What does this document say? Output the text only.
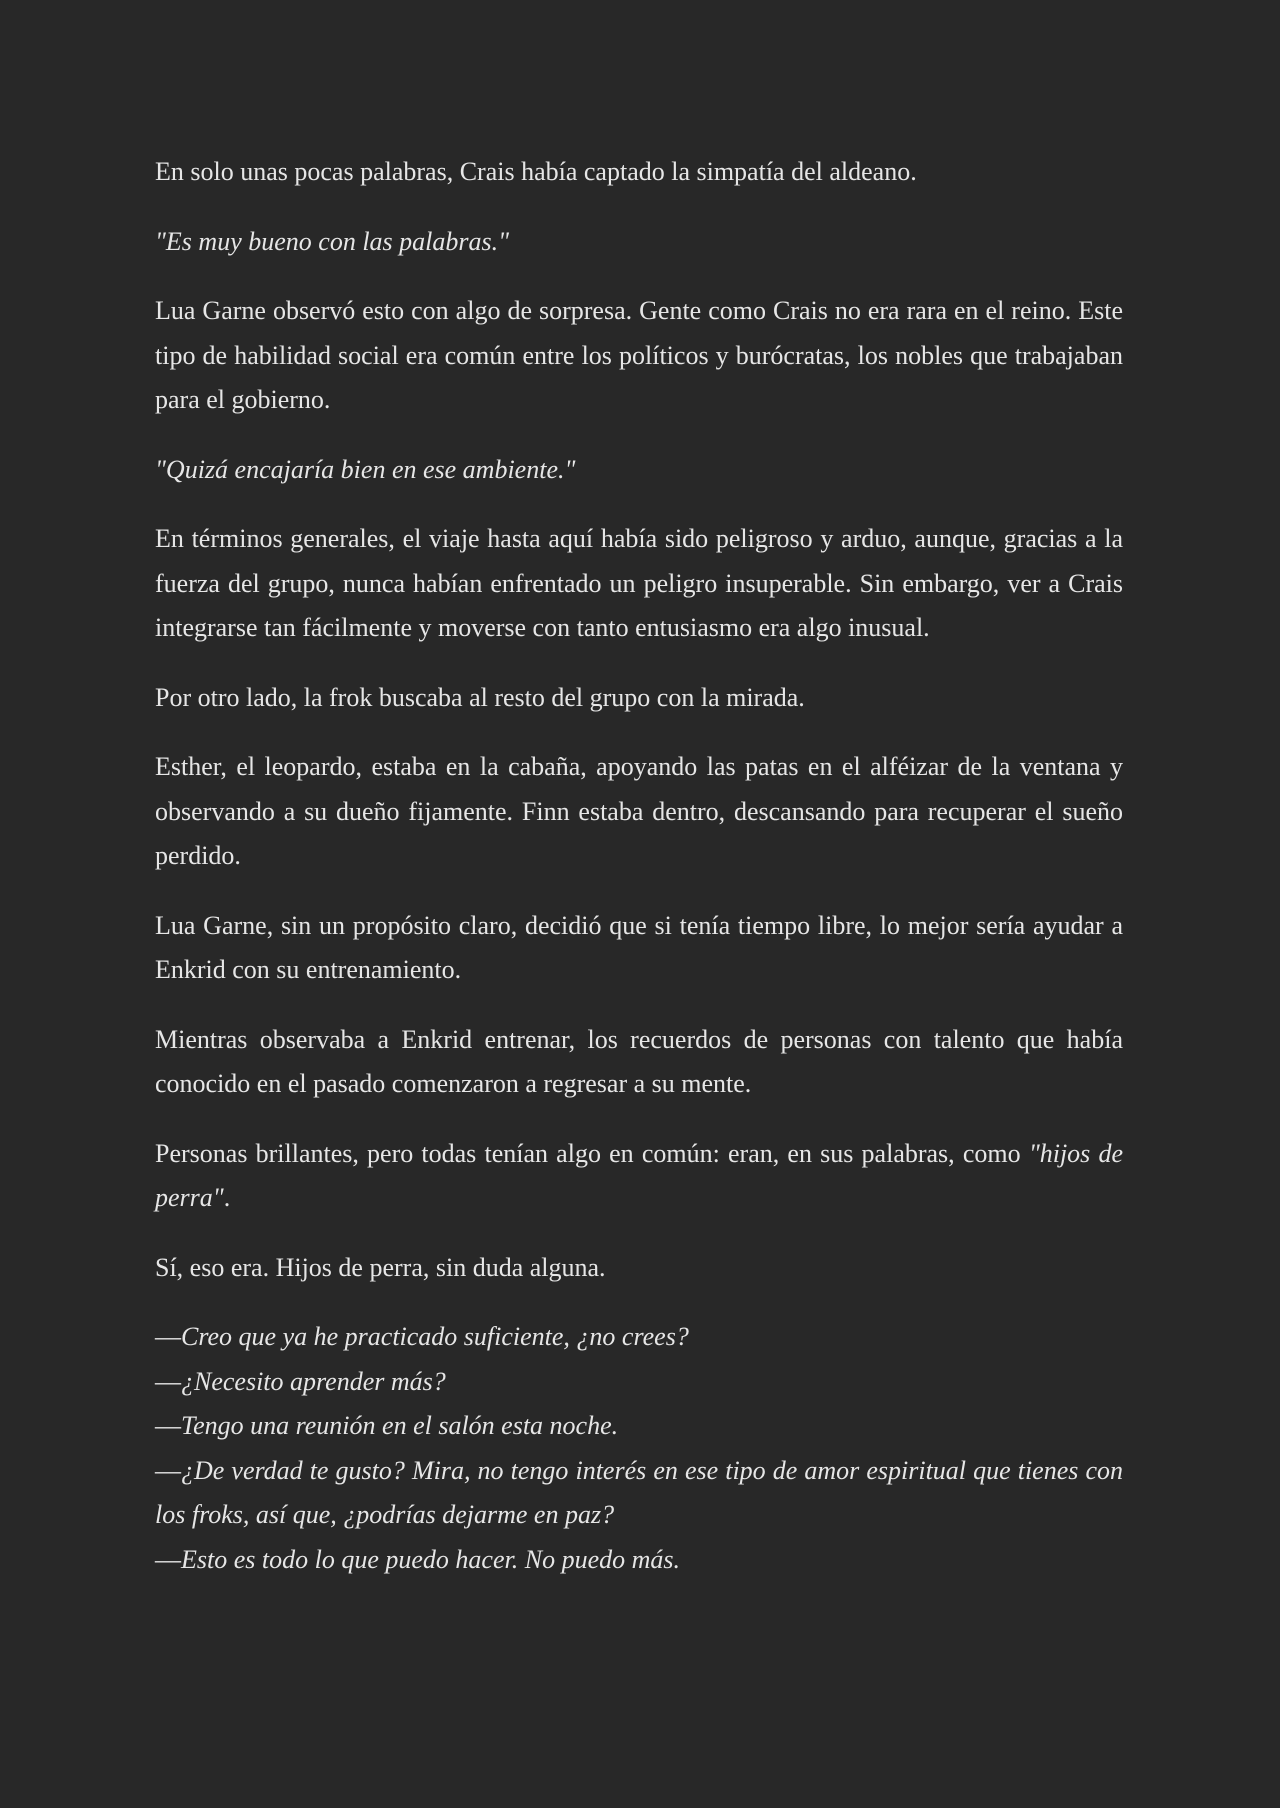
En solo unas pocas palabras, Crais había captado la simpatía del aldeano.

"Es muy bueno con las palabras."

Lua Garne observó esto con algo de sorpresa. Gente como Crais no era rara en el reino. Este tipo de habilidad social era común entre los políticos y burócratas, los nobles que trabajaban para el gobierno.

"Quizá encajaría bien en ese ambiente."

En términos generales, el viaje hasta aquí había sido peligroso y arduo, aunque, gracias a la fuerza del grupo, nunca habían enfrentado un peligro insuperable. Sin embargo, ver a Crais integrarse tan fácilmente y moverse con tanto entusiasmo era algo inusual.

Por otro lado, la frok buscaba al resto del grupo con la mirada.

Esther, el leopardo, estaba en la cabaña, apoyando las patas en el alféizar de la ventana y observando a su dueño fijamente. Finn estaba dentro, descansando para recuperar el sueño perdido.

Lua Garne, sin un propósito claro, decidió que si tenía tiempo libre, lo mejor sería ayudar a Enkrid con su entrenamiento.

Mientras observaba a Enkrid entrenar, los recuerdos de personas con talento que había conocido en el pasado comenzaron a regresar a su mente.

Personas brillantes, pero todas tenían algo en común: eran, en sus palabras, como "hijos de perra".

Sí, eso era. Hijos de perra, sin duda alguna.

—Creo que ya he practicado suficiente, ¿no crees?
—¿Necesito aprender más?
—Tengo una reunión en el salón esta noche.
—¿De verdad te gusto? Mira, no tengo interés en ese tipo de amor espiritual que tienes con los froks, así que, ¿podrías dejarme en paz?
—Esto es todo lo que puedo hacer. No puedo más.
